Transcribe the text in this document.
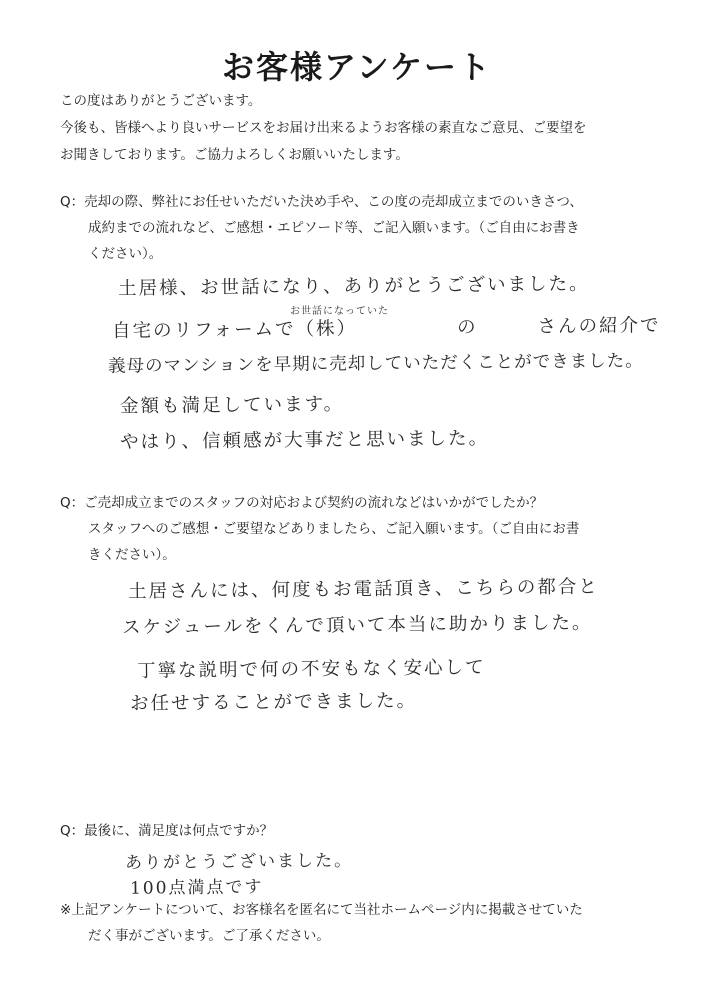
お客様アンケート
この度はありがとうございます。
今後も、皆様へより良いサービスをお届け出来るようお客様の素直なご意見、ご要望を
お聞きしております。ご協力よろしくお願いいたします。
Q：売却の際、弊社にお任せいただいた決め手や、この度の売却成立までのいきさつ、
成約までの流れなど、ご感想・エピソード等、ご記入願います。（ご自由にお書き
ください）。
土居様、お世話になり、ありがとうございました。
お世話になっていた
自宅のリフォームで（株）	の	さんの紹介で
義母のマンションを早期に売却していただくことができました。
金額も満足しています。
やはり、信頼感が大事だと思いました。
Q：ご売却成立までのスタッフの対応および契約の流れなどはいかがでしたか？
スタッフへのご感想・ご要望などありましたら、ご記入願います。（ご自由にお書
きください）。
土居さんには、何度もお電話頂き、こちらの都合と
スケジュールをくんで頂いて本当に助かりました。
丁寧な説明で何の不安もなく安心して
お任せすることができました。
Q：最後に、満足度は何点ですか？
ありがとうございました。
100点満点です
※上記アンケートについて、お客様名を匿名にて当社ホームページ内に掲載させていた
だく事がございます。ご了承ください。
